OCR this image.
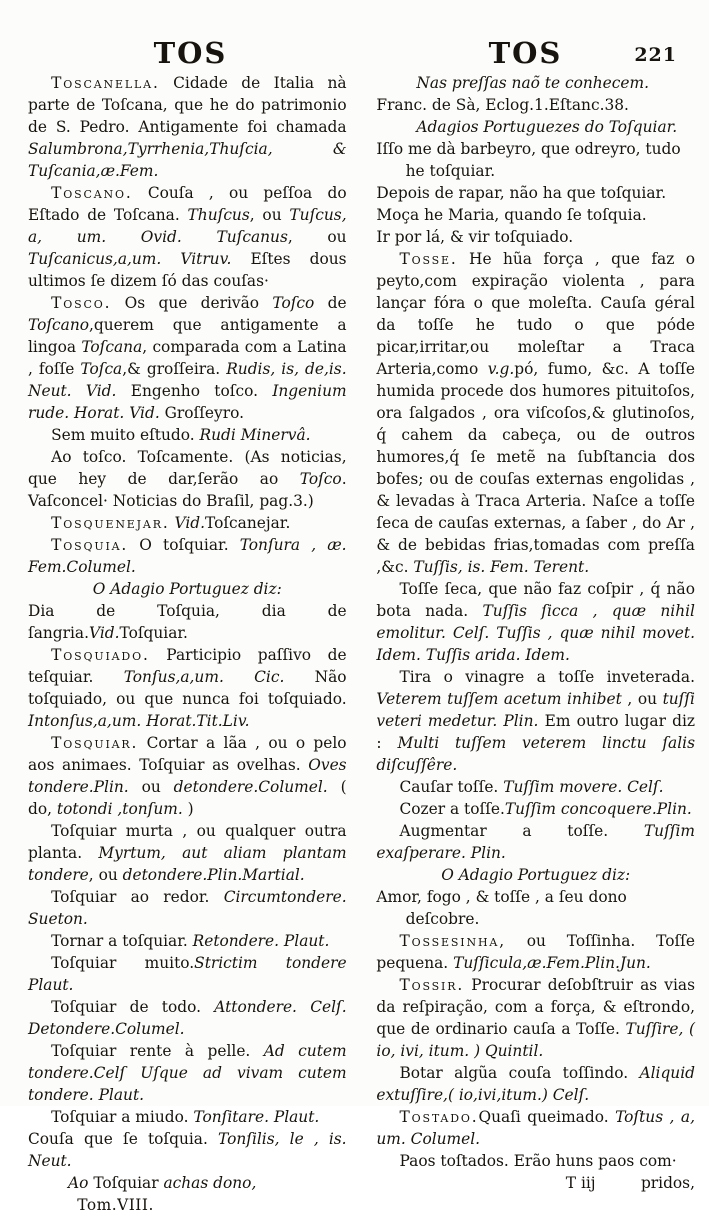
TOS	TOS	221

Toscanella. Cidade de Italia nà parte de Toſcana, que he do patrimonio de S. Pedro. Antigamente foi chamada Salumbrona,Tyrrhenia,Thuſcia, & Tuſcania,æ.Fem.

Toscano. Couſa , ou peſſoa do Eſtado de Toſcana. Thuſcus, ou Tuſcus, a, um. Ovid. Tuſcanus, ou Tuſcanicus,a,um. Vitruv. Eſtes dous ultimos ſe dizem ſó das couſas·

Tosco. Os que derivão Toſco de Toſcano,querem que antigamente a lingoa Toſcana, comparada com a Latina , foſſe Toſca,& groſſeira. Rudis, is, de,is. Neut. Vid. Engenho toſco. Ingenium rude. Horat. Vid. Groſſeyro.

Sem muito eſtudo. Rudi Minervâ.

Ao toſco. Toſcamente. (As noticias, que hey de dar,ſerão ao Toſco. Vaſconcel· Noticias do Braſil, pag.3.)

Tosquenejar. Vid.Toſcanejar.

Tosquia. O toſquiar. Tonſura , æ. Fem.Columel.

O Adagio Portuguez diz:

Dia de Toſquia, dia de ſangria.Vid.Toſquiar.

Tosquiado. Participio paſſivo de teſquiar. Tonſus,a,um. Cic. Não toſquiado, ou que nunca foi toſquiado. Intonſus,a,um. Horat.Tit.Liv.

Tosquiar. Cortar a lãa , ou o pelo aos animaes. Toſquiar as ovelhas. Oves tondere.Plin. ou detondere.Columel. ( do, totondi ,tonſum. )

Toſquiar murta , ou qualquer outra planta. Myrtum, aut aliam plantam tondere, ou detondere.Plin.Martial.

Toſquiar ao redor. Circumtondere. Sueton.

Tornar a toſquiar. Retondere. Plaut.

Toſquiar muito.Strictim tondere Plaut.

Toſquiar de todo. Attondere. Celſ. Detondere.Columel.

Toſquiar rente à pelle. Ad cutem tondere.Celſ Uſque ad vivam cutem tondere. Plaut.

Toſquiar a miudo. Tonſitare. Plaut.

Couſa que ſe toſquia. Tonſilis, le , is. Neut.

Ao Toſquiar achas dono,

Tom.VIII.

Nas preſſas naõ te conhecem.

Franc. de Sà, Eclog.1.Eſtanc.38.

Adagios Portuguezes do Toſquiar.

Iſſo me dà barbeyro, que odreyro, tudo he toſquiar.

Depois de rapar, não ha que toſquiar.

Moça he Maria, quando ſe toſquia.

Ir por lá, & vir toſquiado.

Tosse. He hũa força , que faz o peyto,com expiração violenta , para lançar fóra o que moleſta. Cauſa géral da toſſe he tudo o que póde picar,irritar,ou moleſtar a Traca Arteria,como v.g.pó, fumo, &c. A toſſe humida procede dos humores pituitoſos, ora ſalgados , ora viſcoſos,& glutinoſos, q́ cahem da cabeça, ou de outros humores,q́ ſe metẽ na ſubſtancia dos bofes; ou de couſas externas engolidas , & levadas à Traca Arteria. Naſce a toſſe ſeca de cauſas externas, a ſaber , do Ar , & de bebidas frias,tomadas com preſſa ,&c. Tuſſis, is. Fem. Terent.

Toſſe ſeca, que não faz coſpir , q́ não bota nada. Tuſſis ſicca , quæ nihil emolitur. Celſ. Tuſſis , quæ nihil movet. Idem. Tuſſis arida. Idem.

Tira o vinagre a toſſe inveterada. Veterem tuſſem acetum inhibet , ou tuſſi veteri medetur. Plin. Em outro lugar diz : Multi tuſſem veterem linctu ſalis diſcuſſêre.

Cauſar toſſe. Tuſſim movere. Celſ.

Cozer a toſſe.Tuſſim concoquere.Plin.

Augmentar a toſſe. Tuſſim exaſperare. Plin.

O Adagio Portuguez diz:

Amor, fogo , & toſſe , a ſeu dono deſcobre.

Tossesinha, ou Toſſinha. Toſſe pequena. Tuſſicula,æ.Fem.Plin.Jun.

Tossir. Procurar deſobſtruir as vias da reſpiração, com a força, & eſtrondo, que de ordinario cauſa a Toſſe. Tuſſire, ( io, ivi, itum. ) Quintil.

Botar algũa couſa toſſindo. Aliquid extuſſire,( io,ivi,itum.) Celſ.

Tostado.Quaſi queimado. Toſtus , a, um. Columel.

Paos toſtados. Erão huns paos com·

T iij	pridos,
